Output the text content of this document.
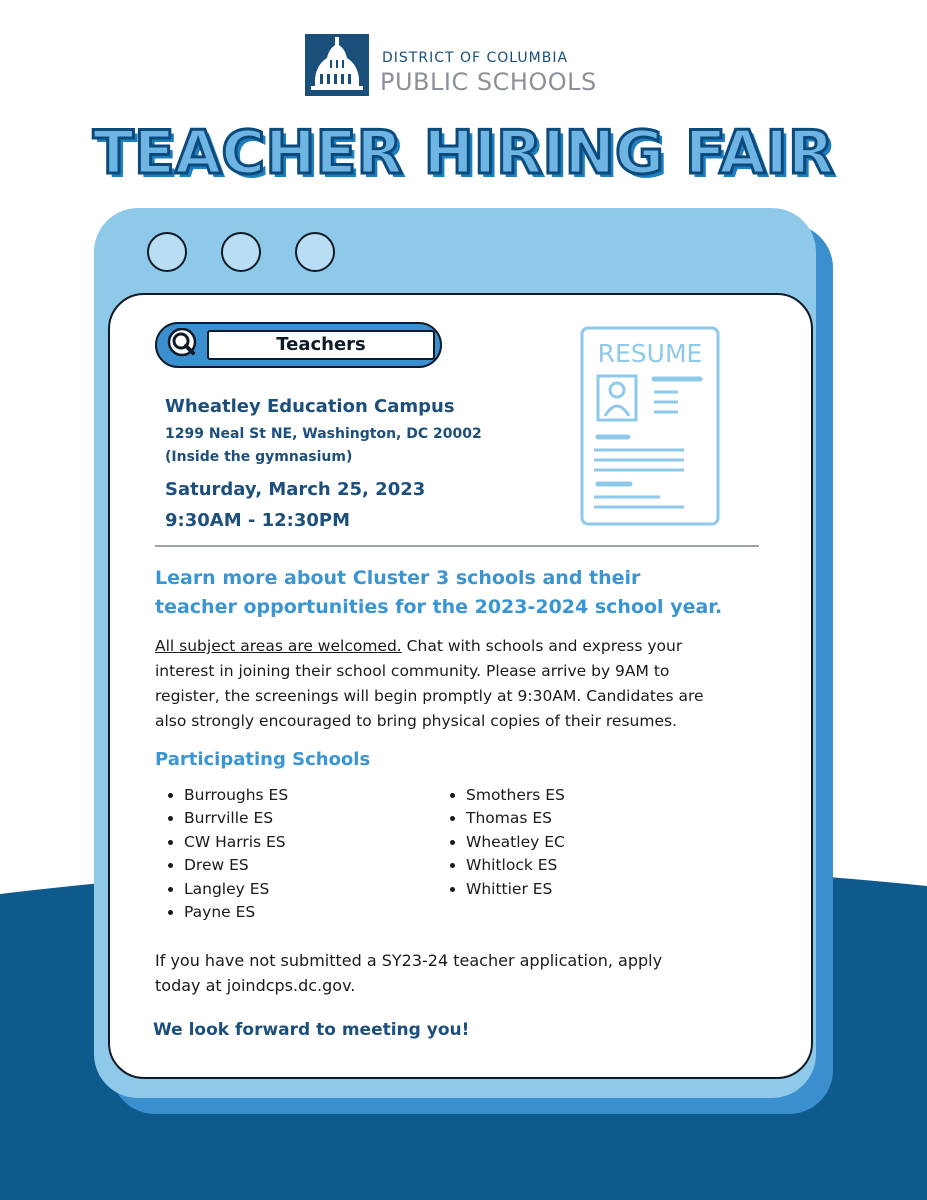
DISTRICT OF COLUMBIA
PUBLIC SCHOOLS
TEACHER HIRING FAIR
Teachers
Wheatley Education Campus
1299 Neal St NE, Washington, DC 20002
(Inside the gymnasium)
Saturday, March 25, 2023
9:30AM - 12:30PM
RESUME
Learn more about Cluster 3 schools and their
teacher opportunities for the 2023-2024 school year.
All subject areas are welcomed. Chat with schools and express your
interest in joining their school community. Please arrive by 9AM to
register, the screenings will begin promptly at 9:30AM. Candidates are
also strongly encouraged to bring physical copies of their resumes.
Participating Schools
• Burroughs ES
• Burrville ES
• CW Harris ES
• Drew ES
• Langley ES
• Payne ES
• Smothers ES
• Thomas ES
• Wheatley EC
• Whitlock ES
• Whittier ES
If you have not submitted a SY23-24 teacher application, apply
today at joindcps.dc.gov.
We look forward to meeting you!
